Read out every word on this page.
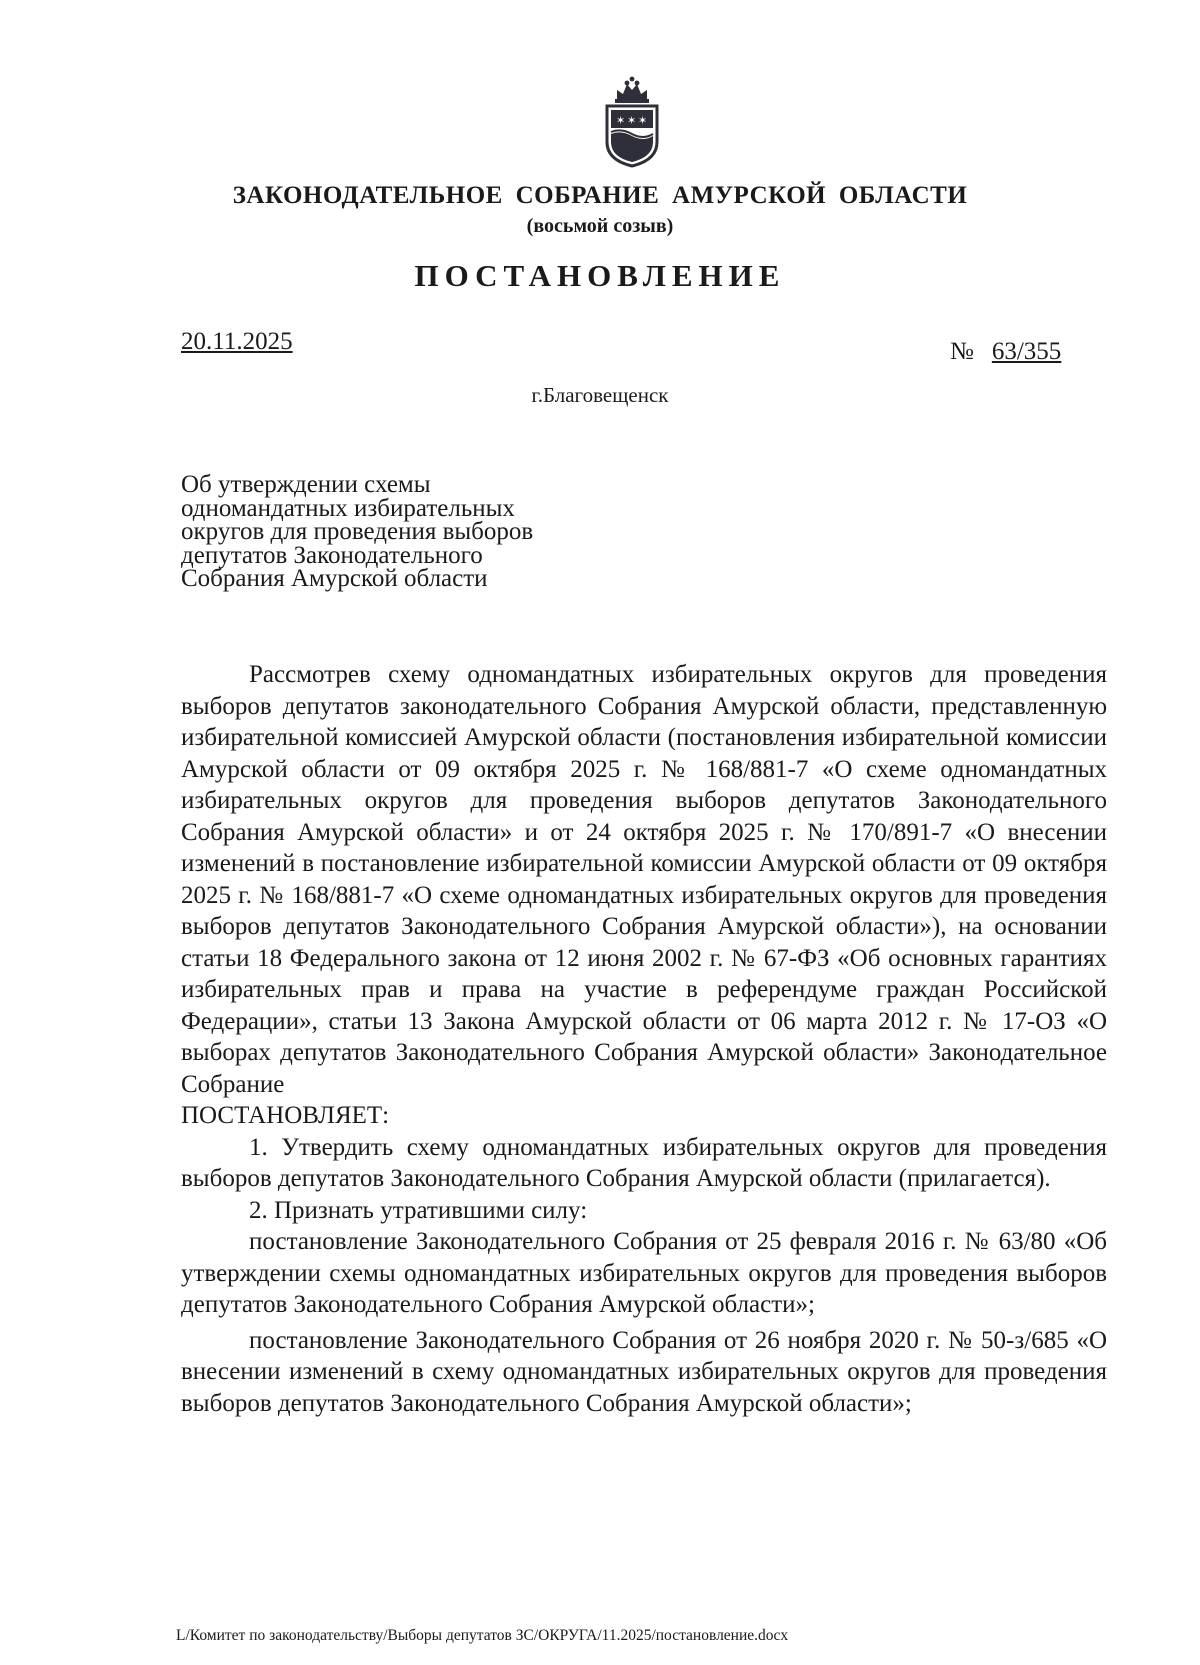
✶ ✶ ✶
ЗАКОНОДАТЕЛЬНОЕ СОБРАНИЕ АМУРСКОЙ ОБЛАСТИ
(восьмой созыв)
ПОСТАНОВЛЕНИЕ
20.11.2025	№ 63/355
г.Благовещенск
Об утверждении схемы
одномандатных избирательных
округов для проведения выборов
депутатов Законодательного
Собрания Амурской области

Рассмотрев схему одномандатных избирательных округов для проведения выборов депутатов законодательного Собрания Амурской области, представленную избирательной комиссией Амурской области (постановления избирательной комиссии Амурской области от 09 октября 2025 г. № 168/881-7 «О схеме одномандатных избирательных округов для проведения выборов депутатов Законодательного Собрания Амурской области» и от 24 октября 2025 г. № 170/891-7 «О внесении изменений в постановление избирательной комиссии Амурской области от 09 октября 2025 г. № 168/881-7 «О схеме одномандатных избирательных округов для проведения выборов депутатов Законодательного Собрания Амурской области»), на основании статьи 18 Федерального закона от 12 июня 2002 г. № 67-ФЗ «Об основных гарантиях избирательных прав и права на участие в референдуме граждан Российской Федерации», статьи 13 Закона Амурской области от 06 марта 2012 г. № 17-ОЗ «О выборах депутатов Законодательного Собрания Амурской области» Законодательное Собрание

ПОСТАНОВЛЯЕТ:

1. Утвердить схему одномандатных избирательных округов для проведения выборов депутатов Законодательного Собрания Амурской области (прилагается).

2. Признать утратившими силу:

постановление Законодательного Собрания от 25 февраля 2016 г. № 63/80 «Об утверждении схемы одномандатных избирательных округов для проведения выборов депутатов Законодательного Собрания Амурской области»;

постановление Законодательного Собрания от 26 ноября 2020 г. № 50-з/685 «О внесении изменений в схему одномандатных избирательных округов для проведения выборов депутатов Законодательного Собрания Амурской области»;

L/Комитет по законодательству/Выборы депутатов ЗС/ОКРУГА/11.2025/постановление.docx
